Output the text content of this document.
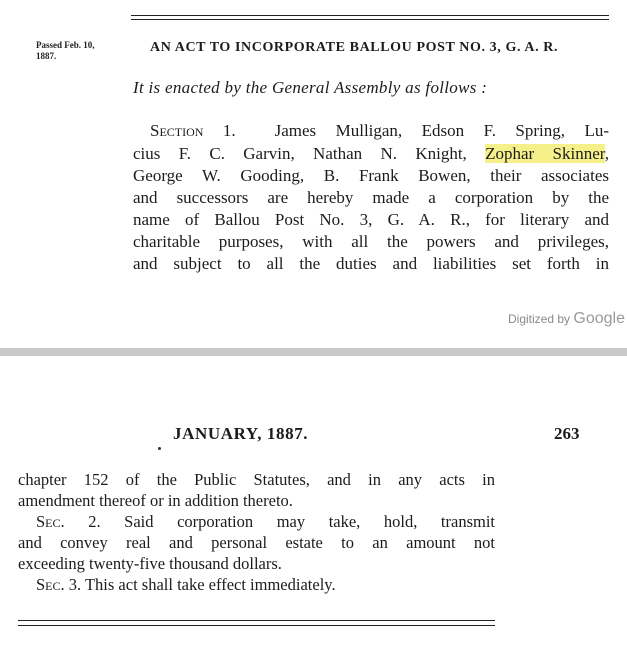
Passed Feb. 10,
1887.
AN ACT TO INCORPORATE BALLOU POST NO. 3, G. A. R.
It is enacted by the General Assembly as follows :
Section 1. James Mulligan, Edson F. Spring, Lu-
cius F. C. Garvin, Nathan N. Knight, Zophar Skinner,
George W. Gooding, B. Frank Bowen, their associates
and successors are hereby made a corporation by the
name of Ballou Post No. 3, G. A. R., for literary and
charitable purposes, with all the powers and privileges,
and subject to all the duties and liabilities set forth in
Digitized by Google
JANUARY, 1887.	263
chapter 152 of the Public Statutes, and in any acts in
amendment thereof or in addition thereto.
Sec. 2. Said corporation may take, hold, transmit
and convey real and personal estate to an amount not
exceeding twenty-five thousand dollars.
Sec. 3. This act shall take effect immediately.
